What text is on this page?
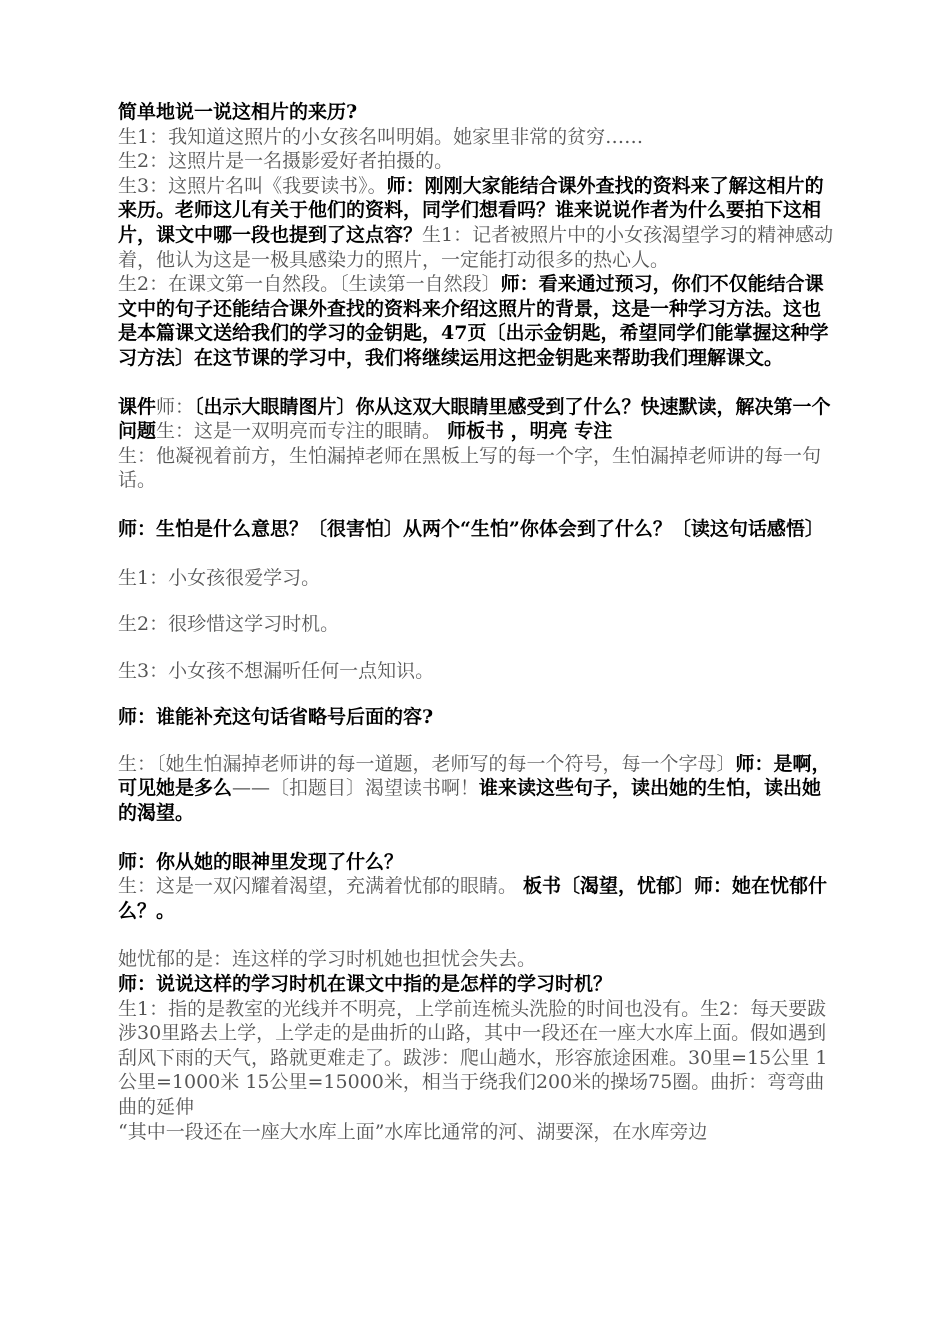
简单地说一说这相片的来历?

生1：我知道这照片的小女孩名叫明娟。她家里非常的贫穷……

生2：这照片是一名摄影爱好者拍摄的。

生3：这照片名叫《我要读书》。师：刚刚大家能结合课外查找的资料来了解这相片的来历。老师这儿有关于他们的资料，同学们想看吗？谁来说说作者为什么要拍下这相片，课文中哪一段也提到了这点容？生1：记者被照片中的小女孩渴望学习的精神感动着，他认为这是一极具感染力的照片，一定能打动很多的热心人。

生2：在课文第一自然段。〔生读第一自然段〕师：看来通过预习，你们不仅能结合课文中的句子还能结合课外查找的资料来介绍这照片的背景，这是一种学习方法。这也是本篇课文送给我们的学习的金钥匙，47页〔出示金钥匙，希望同学们能掌握这种学习方法〕在这节课的学习中，我们将继续运用这把金钥匙来帮助我们理解课文。

课件师：〔出示大眼睛图片〕你从这双大眼睛里感受到了什么？快速默读，解决第一个问题生：这是一双明亮而专注的眼睛。 师板书 ，明亮 专注

生：他凝视着前方，生怕漏掉老师在黑板上写的每一个字，生怕漏掉老师讲的每一句话。

师：生怕是什么意思？〔很害怕〕从两个“生怕”你体会到了什么？〔读这句话感悟〕

生1：小女孩很爱学习。

生2：很珍惜这学习时机。

生3：小女孩不想漏听任何一点知识。

师：谁能补充这句话省略号后面的容?

生：〔她生怕漏掉老师讲的每一道题，老师写的每一个符号，每一个字母〕师：是啊，可见她是多么——〔扣题目〕渴望读书啊！谁来读这些句子，读出她的生怕，读出她的渴望。

师：你从她的眼神里发现了什么？

生：这是一双闪耀着渴望，充满着忧郁的眼睛。 板书〔渴望，忧郁〕师：她在忧郁什么？。

她忧郁的是：连这样的学习时机她也担忧会失去。

师：说说这样的学习时机在课文中指的是怎样的学习时机？

生1：指的是教室的光线并不明亮，上学前连梳头洗脸的时间也没有。生2：每天要跋涉30里路去上学，上学走的是曲折的山路，其中一段还在一座大水库上面。假如遇到刮风下雨的天气，路就更难走了。跋涉：爬山趟水，形容旅途困难。30里=15公里 1公里=1000米 15公里=15000米，相当于绕我们200米的操场75圈。曲折：弯弯曲曲的延伸

“其中一段还在一座大水库上面”水库比通常的河、湖要深，在水库旁边
